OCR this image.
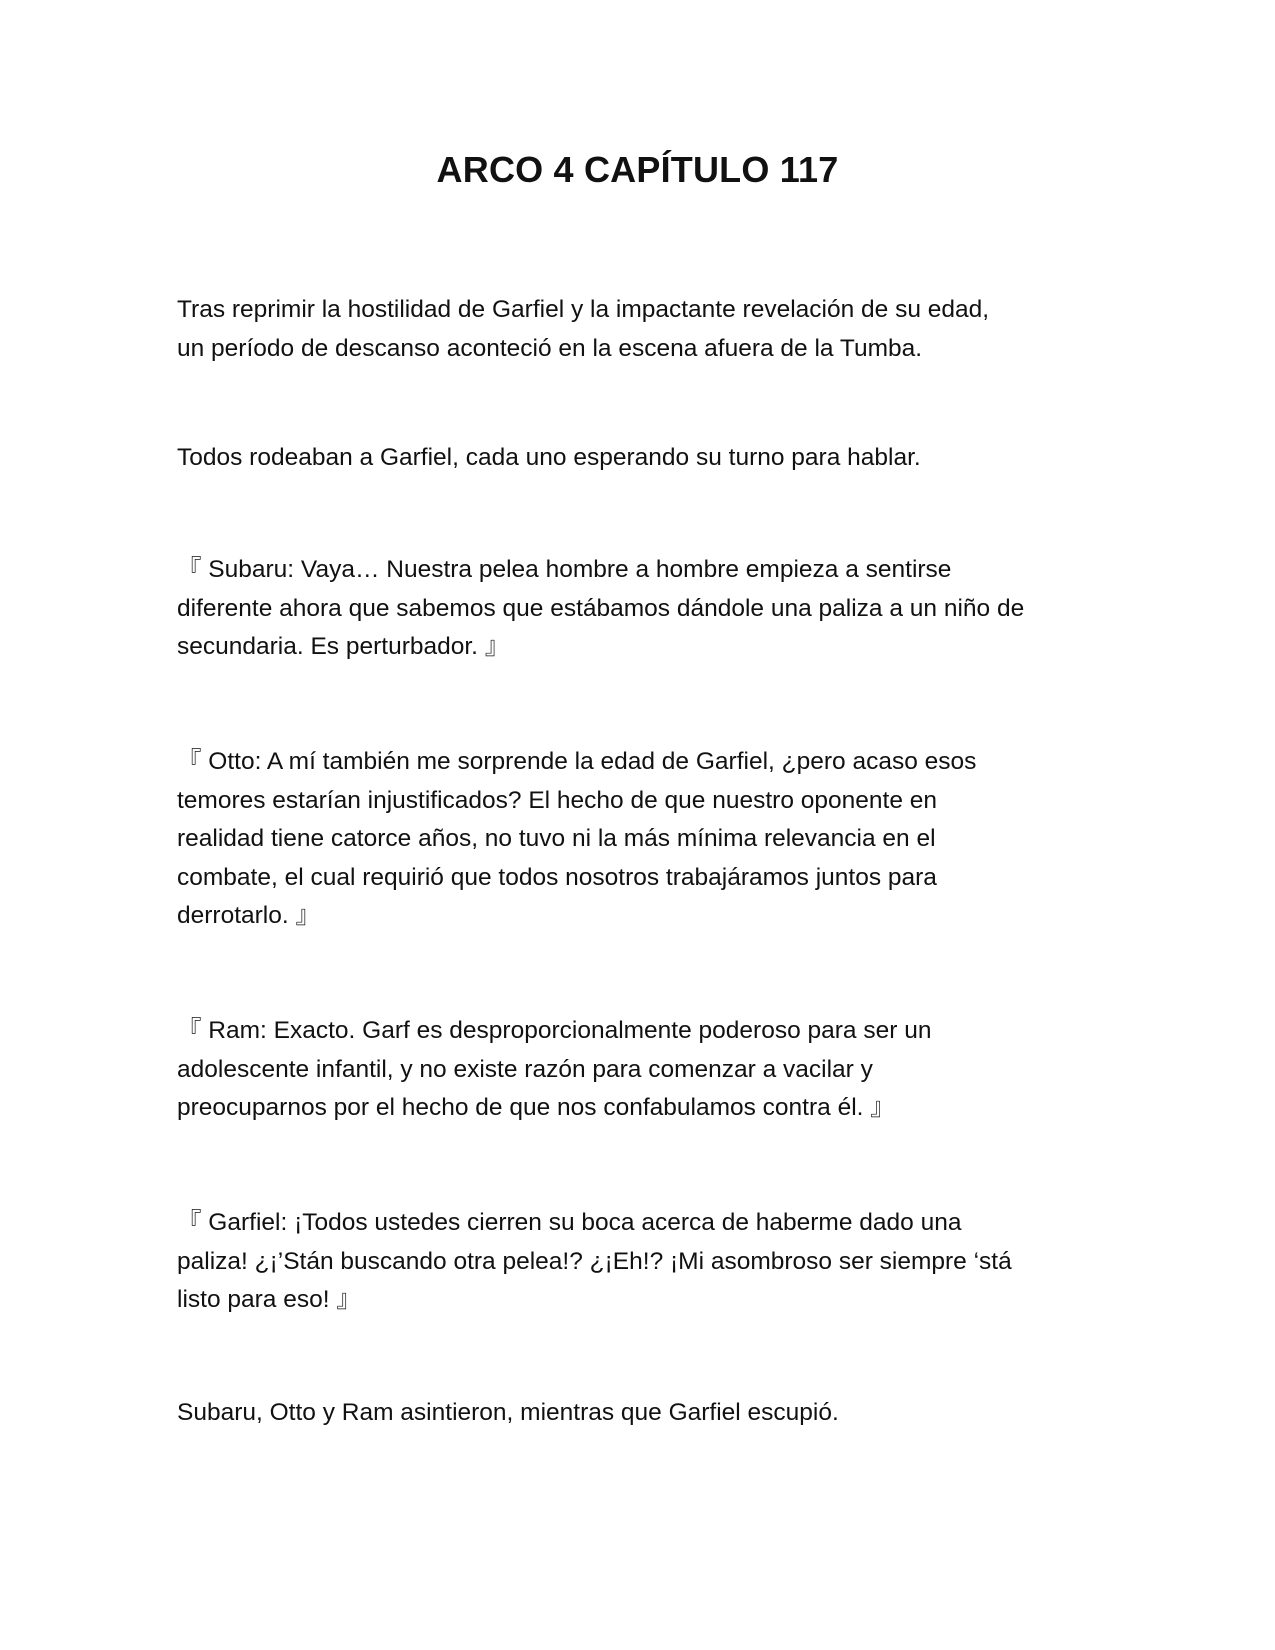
ARCO 4 CAPÍTULO 117

Tras reprimir la hostilidad de Garfiel y la impactante revelación de su edad,
un período de descanso aconteció en la escena afuera de la Tumba.

Todos rodeaban a Garfiel, cada uno esperando su turno para hablar.

『 Subaru: Vaya… Nuestra pelea hombre a hombre empieza a sentirse
diferente ahora que sabemos que estábamos dándole una paliza a un niño de
secundaria. Es perturbador. 』

『 Otto: A mí también me sorprende la edad de Garfiel, ¿pero acaso esos
temores estarían injustificados? El hecho de que nuestro oponente en
realidad tiene catorce años, no tuvo ni la más mínima relevancia en el
combate, el cual requirió que todos nosotros trabajáramos juntos para
derrotarlo. 』

『 Ram: Exacto. Garf es desproporcionalmente poderoso para ser un
adolescente infantil, y no existe razón para comenzar a vacilar y
preocuparnos por el hecho de que nos confabulamos contra él. 』

『 Garfiel: ¡Todos ustedes cierren su boca acerca de haberme dado una
paliza! ¿¡’Stán buscando otra pelea!? ¿¡Eh!? ¡Mi asombroso ser siempre ‘stá
listo para eso! 』

Subaru, Otto y Ram asintieron, mientras que Garfiel escupió.
